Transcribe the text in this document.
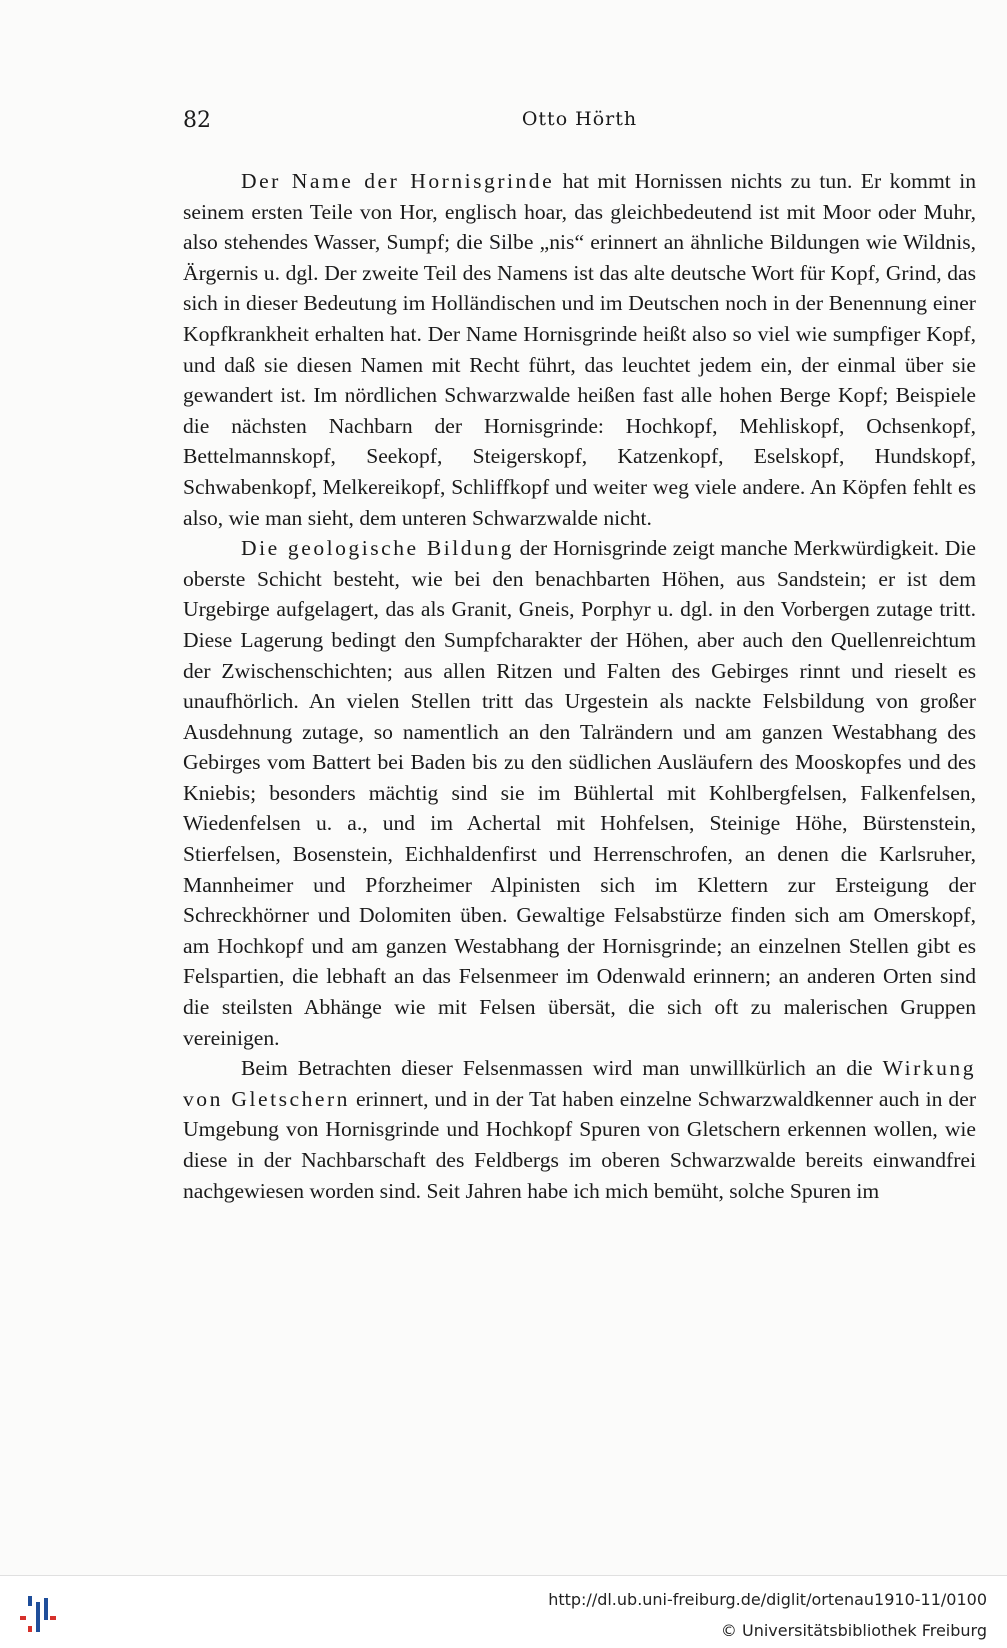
82	Otto Hörth

Der Name der Hornisgrinde hat mit Hornissen nichts zu tun. Er kommt in seinem ersten Teile von Hor, englisch hoar, das gleichbedeutend ist mit Moor oder Muhr, also stehendes Wasser, Sumpf; die Silbe „nis“ erinnert an ähnliche Bildungen wie Wildnis, Ärgernis u. dgl. Der zweite Teil des Namens ist das alte deutsche Wort für Kopf, Grind, das sich in dieser Bedeutung im Holländischen und im Deutschen noch in der Benennung einer Kopfkrankheit erhalten hat. Der Name Hornisgrinde heißt also so viel wie sumpfiger Kopf, und daß sie diesen Namen mit Recht führt, das leuchtet jedem ein, der einmal über sie gewandert ist. Im nördlichen Schwarzwalde heißen fast alle hohen Berge Kopf; Beispiele die nächsten Nachbarn der Hornisgrinde: Hochkopf, Mehliskopf, Ochsenkopf, Bettelmannskopf, Seekopf, Steigerskopf, Katzenkopf, Eselskopf, Hundskopf, Schwabenkopf, Melkereikopf, Schliffkopf und weiter weg viele andere. An Köpfen fehlt es also, wie man sieht, dem unteren Schwarzwalde nicht.

Die geologische Bildung der Hornisgrinde zeigt manche Merkwürdigkeit. Die oberste Schicht besteht, wie bei den benachbarten Höhen, aus Sandstein; er ist dem Urgebirge aufgelagert, das als Granit, Gneis, Porphyr u. dgl. in den Vorbergen zutage tritt. Diese Lagerung bedingt den Sumpfcharakter der Höhen, aber auch den Quellenreichtum der Zwischenschichten; aus allen Ritzen und Falten des Gebirges rinnt und rieselt es unaufhörlich. An vielen Stellen tritt das Urgestein als nackte Felsbildung von großer Ausdehnung zutage, so namentlich an den Talrändern und am ganzen Westabhang des Gebirges vom Battert bei Baden bis zu den südlichen Ausläufern des Mooskopfes und des Kniebis; besonders mächtig sind sie im Bühlertal mit Kohlbergfelsen, Falkenfelsen, Wiedenfelsen u. a., und im Achertal mit Hohfelsen, Steinige Höhe, Bürstenstein, Stierfelsen, Bosenstein, Eichhaldenfirst und Herrenschrofen, an denen die Karlsruher, Mannheimer und Pforzheimer Alpinisten sich im Klettern zur Ersteigung der Schreckhörner und Dolomiten üben. Gewaltige Felsabstürze finden sich am Omerskopf, am Hochkopf und am ganzen Westabhang der Hornisgrinde; an einzelnen Stellen gibt es Felspartien, die lebhaft an das Felsenmeer im Odenwald erinnern; an anderen Orten sind die steilsten Abhänge wie mit Felsen übersät, die sich oft zu malerischen Gruppen vereinigen.

Beim Betrachten dieser Felsenmassen wird man unwillkürlich an die Wirkung von Gletschern erinnert, und in der Tat haben einzelne Schwarzwaldkenner auch in der Umgebung von Hornisgrinde und Hochkopf Spuren von Gletschern erkennen wollen, wie diese in der Nachbarschaft des Feldbergs im oberen Schwarzwalde bereits einwandfrei nachgewiesen worden sind. Seit Jahren habe ich mich bemüht, solche Spuren im

http://dl.ub.uni-freiburg.de/diglit/ortenau1910-11/0100
© Universitätsbibliothek Freiburg
